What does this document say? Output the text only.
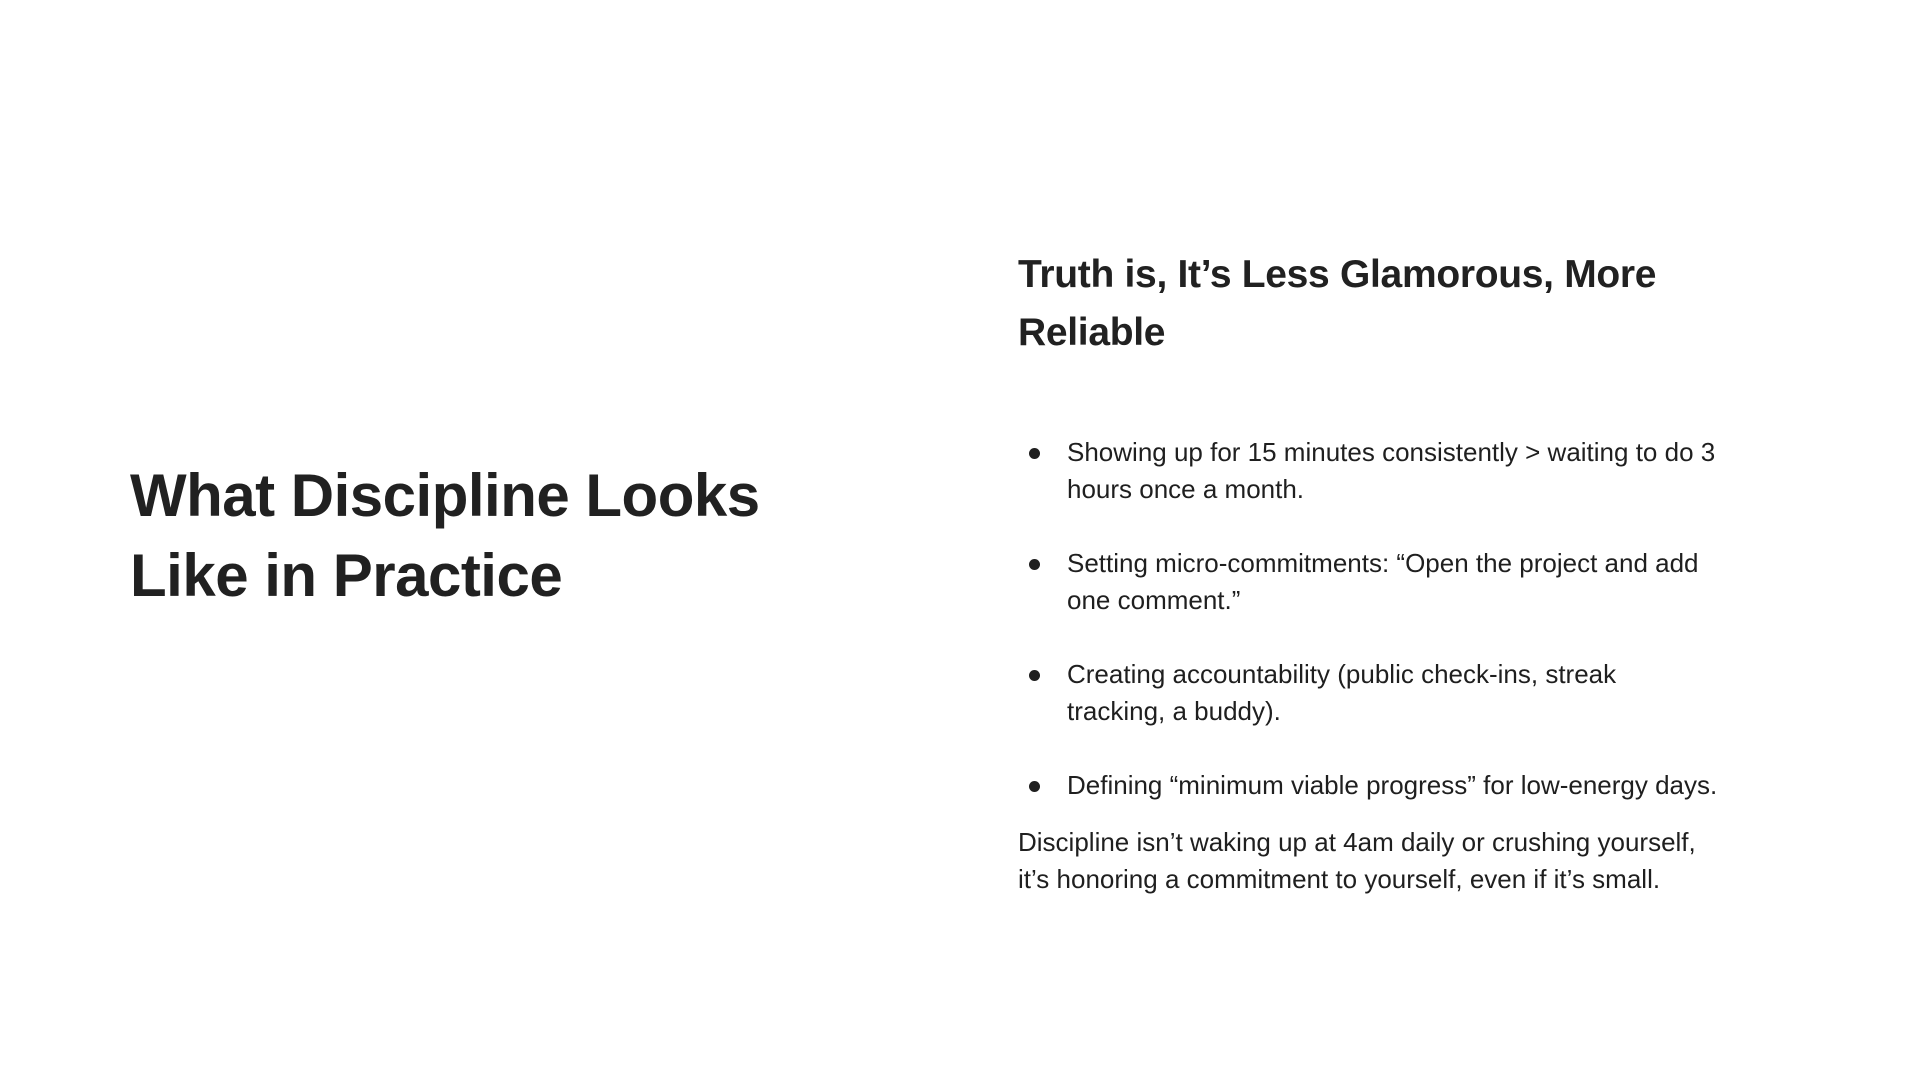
What Discipline Looks Like in Practice
Truth is, It’s Less Glamorous, More Reliable
Showing up for 15 minutes consistently > waiting to do 3 hours once a month.
Setting micro-commitments: “Open the project and add one comment.”
Creating accountability (public check-ins, streak tracking, a buddy).
Defining “minimum viable progress” for low-energy days.

Discipline isn’t waking up at 4am daily or crushing yourself, it’s honoring a commitment to yourself, even if it’s small.
